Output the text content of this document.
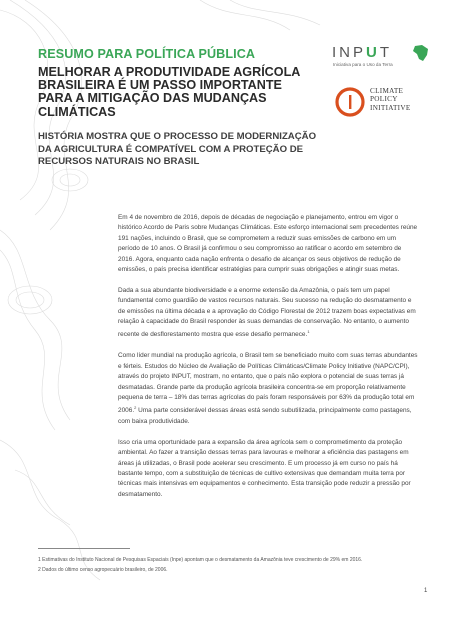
RESUMO PARA POLÍTICA PÚBLICA
MELHORAR A PRODUTIVIDADE AGRÍCOLA BRASILEIRA É UM PASSO IMPORTANTE PARA A MITIGAÇÃO DAS MUDANÇAS CLIMÁTICAS
HISTÓRIA MOSTRA QUE O PROCESSO DE MODERNIZAÇÃO DA AGRICULTURA É COMPATÍVEL COM A PROTEÇÃO DE RECURSOS NATURAIS NO BRASIL
INPUT
Iniciativa para o Uso da Terra
CLIMATE
POLICY
INITIATIVE

Em 4 de novembro de 2016, depois de décadas de negociação e planejamento, entrou em vigor o histórico Acordo de Paris sobre Mudanças Climáticas. Este esforço internacional sem precedentes reúne 191 nações, incluindo o Brasil, que se comprometem a reduzir suas emissões de carbono em um período de 10 anos. O Brasil já confirmou o seu compromisso ao ratificar o acordo em setembro de 2016. Agora, enquanto cada nação enfrenta o desafio de alcançar os seus objetivos de redução de emissões, o país precisa identificar estratégias para cumprir suas obrigações e atingir suas metas.

Dada a sua abundante biodiversidade e a enorme extensão da Amazônia, o país tem um papel fundamental como guardião de vastos recursos naturais. Seu sucesso na redução do desmatamento e de emissões na última década e a aprovação do Código Florestal de 2012 trazem boas expectativas em relação à capacidade do Brasil responder às suas demandas de conservação. No entanto, o aumento recente de desflorestamento mostra que esse desafio permanece.$^1$

Como líder mundial na produção agrícola, o Brasil tem se beneficiado muito com suas terras abundantes e férteis. Estudos do Núcleo de Avaliação de Políticas Climáticas/Climate Policy Initiative (NAPC/CPI), através do projeto INPUT, mostram, no entanto, que o país não explora o potencial de suas terras já desmatadas. Grande parte da produção agrícola brasileira concentra-se em proporção relativamente pequena de terra – 18% das terras agrícolas do país foram responsáveis por 63% da produção total em 2006.$^2$ Uma parte considerável dessas áreas está sendo subutilizada, principalmente como pastagens, com baixa produtividade.

Isso cria uma oportunidade para a expansão da área agrícola sem o comprometimento da proteção ambiental. Ao fazer a transição dessas terras para lavouras e melhorar a eficiência das pastagens em áreas já utilizadas, o Brasil pode acelerar seu crescimento. E um processo já em curso no país há bastante tempo, com a substituição de técnicas de cultivo extensivas que demandam muita terra por técnicas mais intensivas em equipamentos e conhecimento. Esta transição pode reduzir a pressão por desmatamento.

1 Estimativas do Instituto Nacional de Pesquisas Espaciais (Inpe) apontam que o desmatamento da Amazônia teve crescimento de 29% em 2016.

2 Dados do último censo agropecuário brasileiro, de 2006.

1
